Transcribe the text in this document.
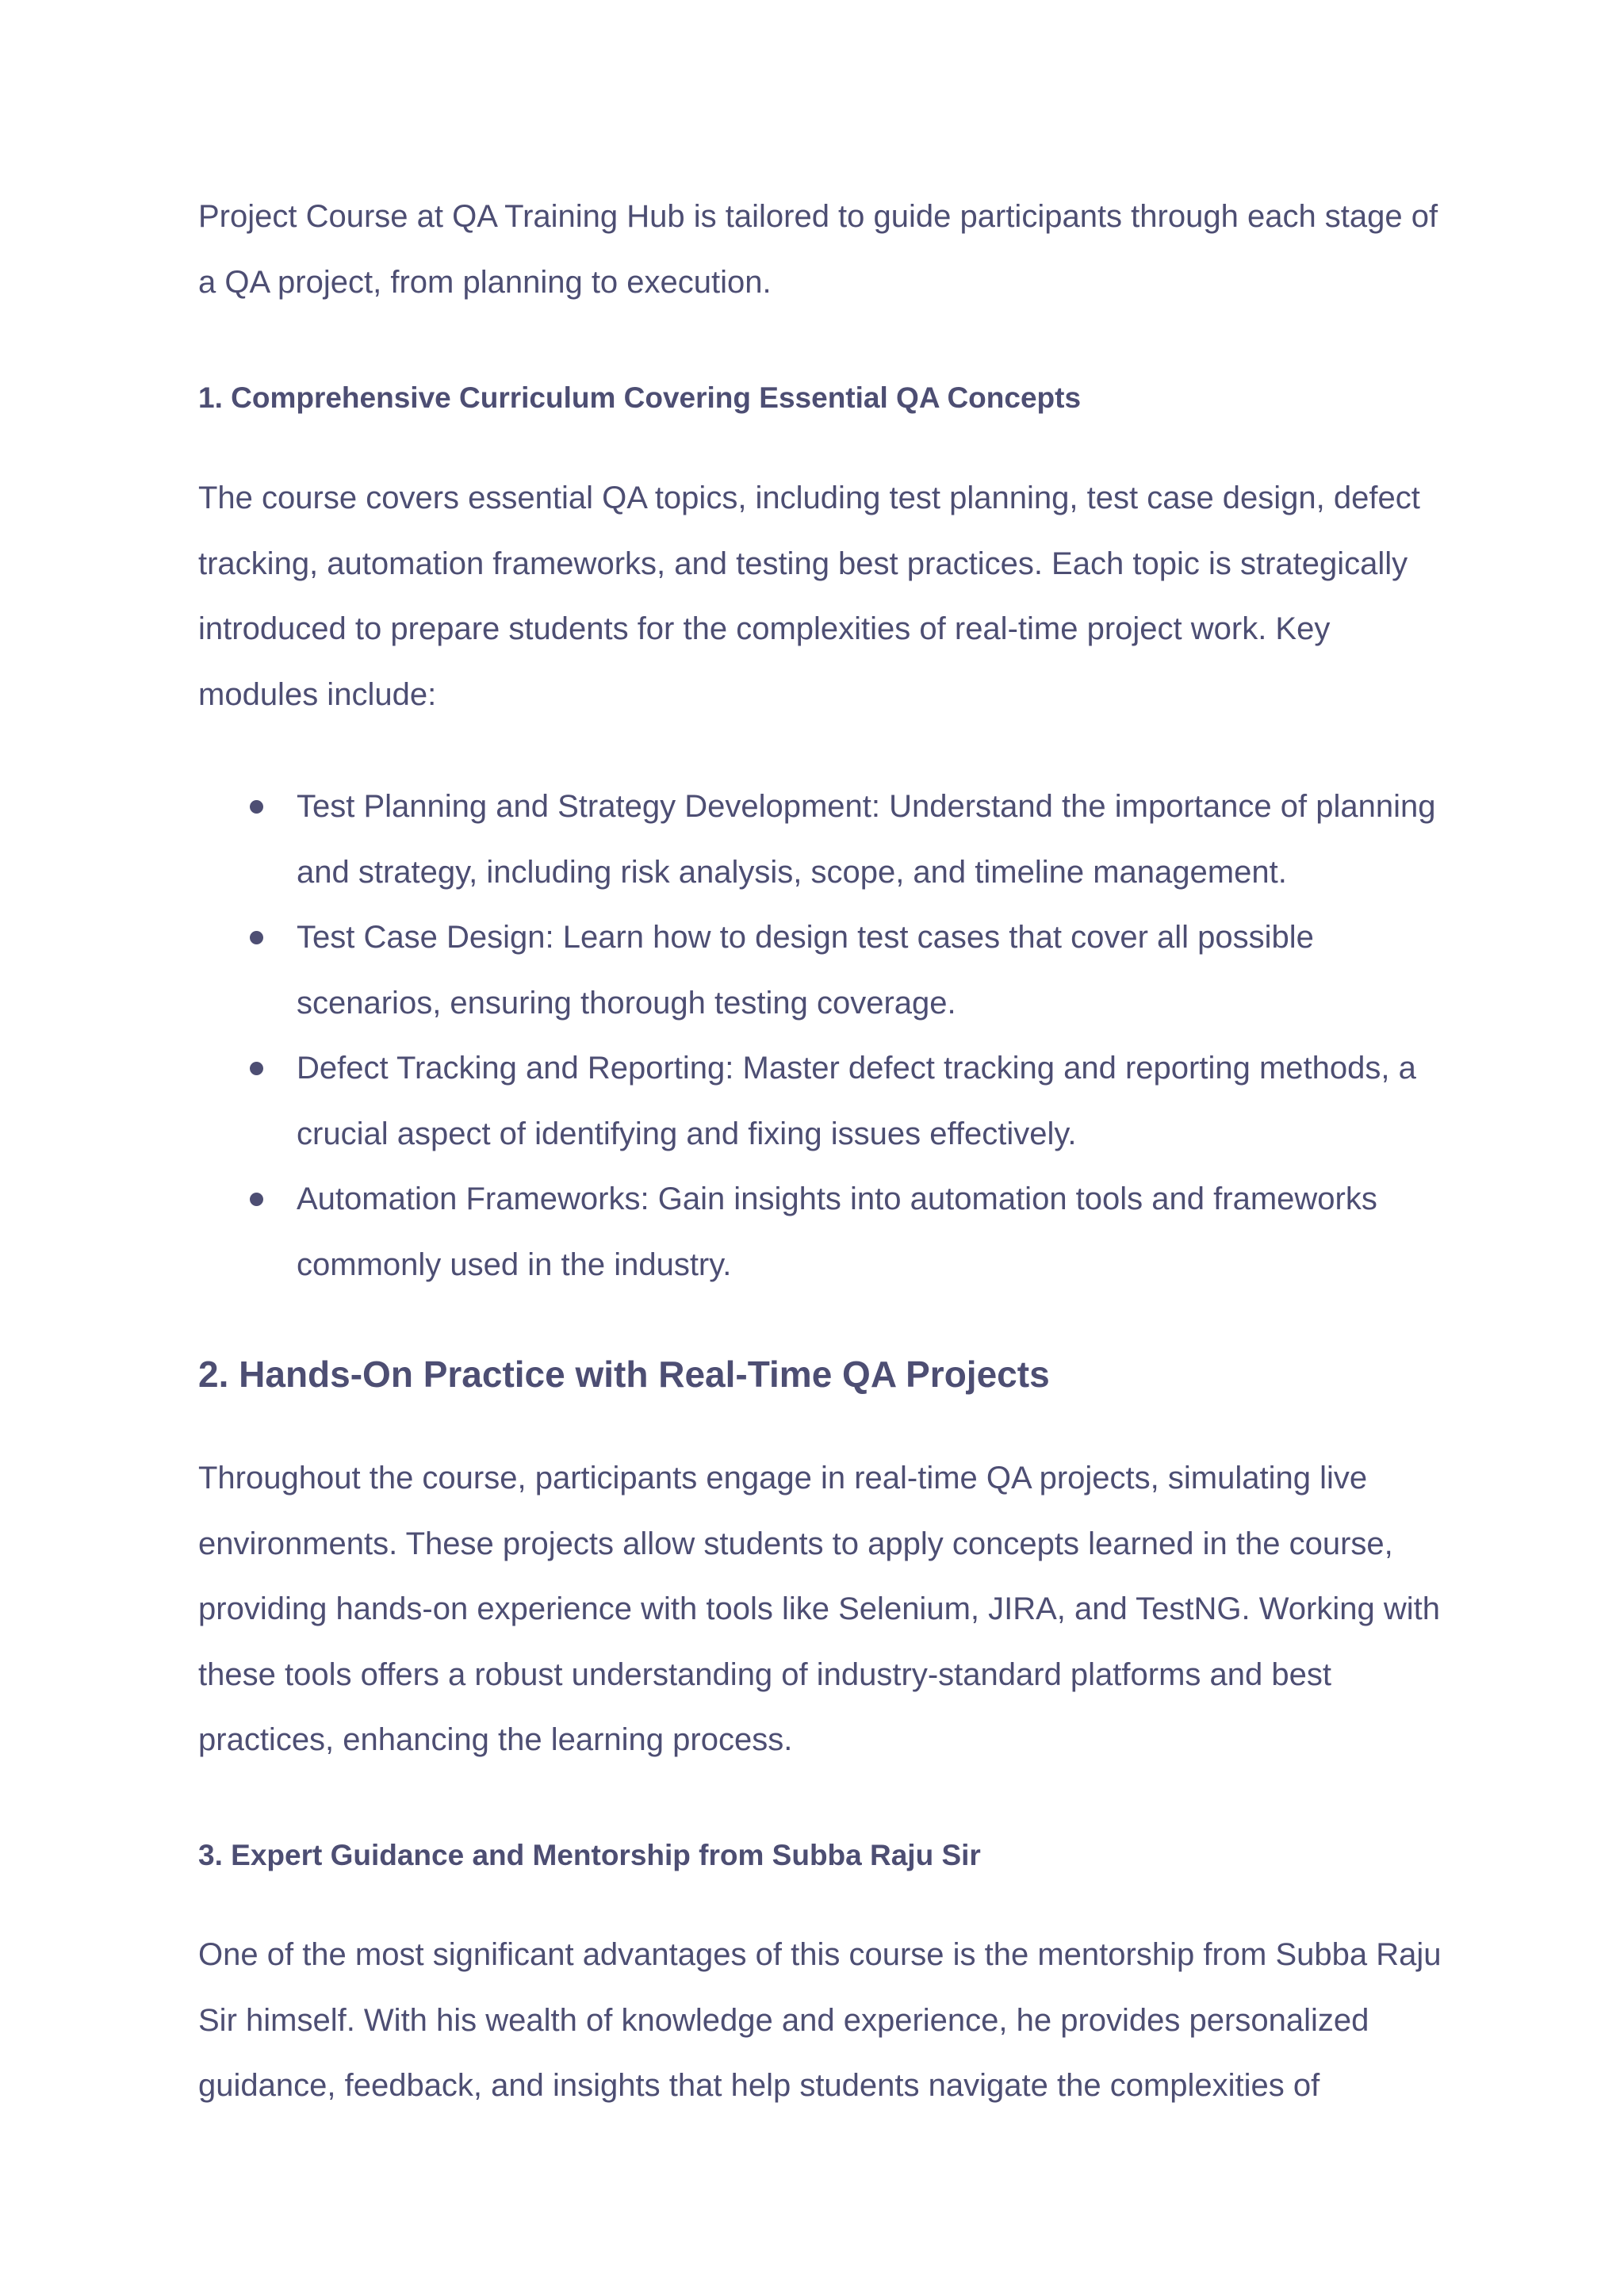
Project Course at QA Training Hub is tailored to guide participants through each stage of
a QA project, from planning to execution.
1. Comprehensive Curriculum Covering Essential QA Concepts
The course covers essential QA topics, including test planning, test case design, defect
tracking, automation frameworks, and testing best practices. Each topic is strategically
introduced to prepare students for the complexities of real-time project work. Key
modules include:
Test Planning and Strategy Development: Understand the importance of planning
and strategy, including risk analysis, scope, and timeline management.
Test Case Design: Learn how to design test cases that cover all possible
scenarios, ensuring thorough testing coverage.
Defect Tracking and Reporting: Master defect tracking and reporting methods, a
crucial aspect of identifying and fixing issues effectively.
Automation Frameworks: Gain insights into automation tools and frameworks
commonly used in the industry.
2. Hands-On Practice with Real-Time QA Projects
Throughout the course, participants engage in real-time QA projects, simulating live
environments. These projects allow students to apply concepts learned in the course,
providing hands-on experience with tools like Selenium, JIRA, and TestNG. Working with
these tools offers a robust understanding of industry-standard platforms and best
practices, enhancing the learning process.
3. Expert Guidance and Mentorship from Subba Raju Sir
One of the most significant advantages of this course is the mentorship from Subba Raju
Sir himself. With his wealth of knowledge and experience, he provides personalized
guidance, feedback, and insights that help students navigate the complexities of
